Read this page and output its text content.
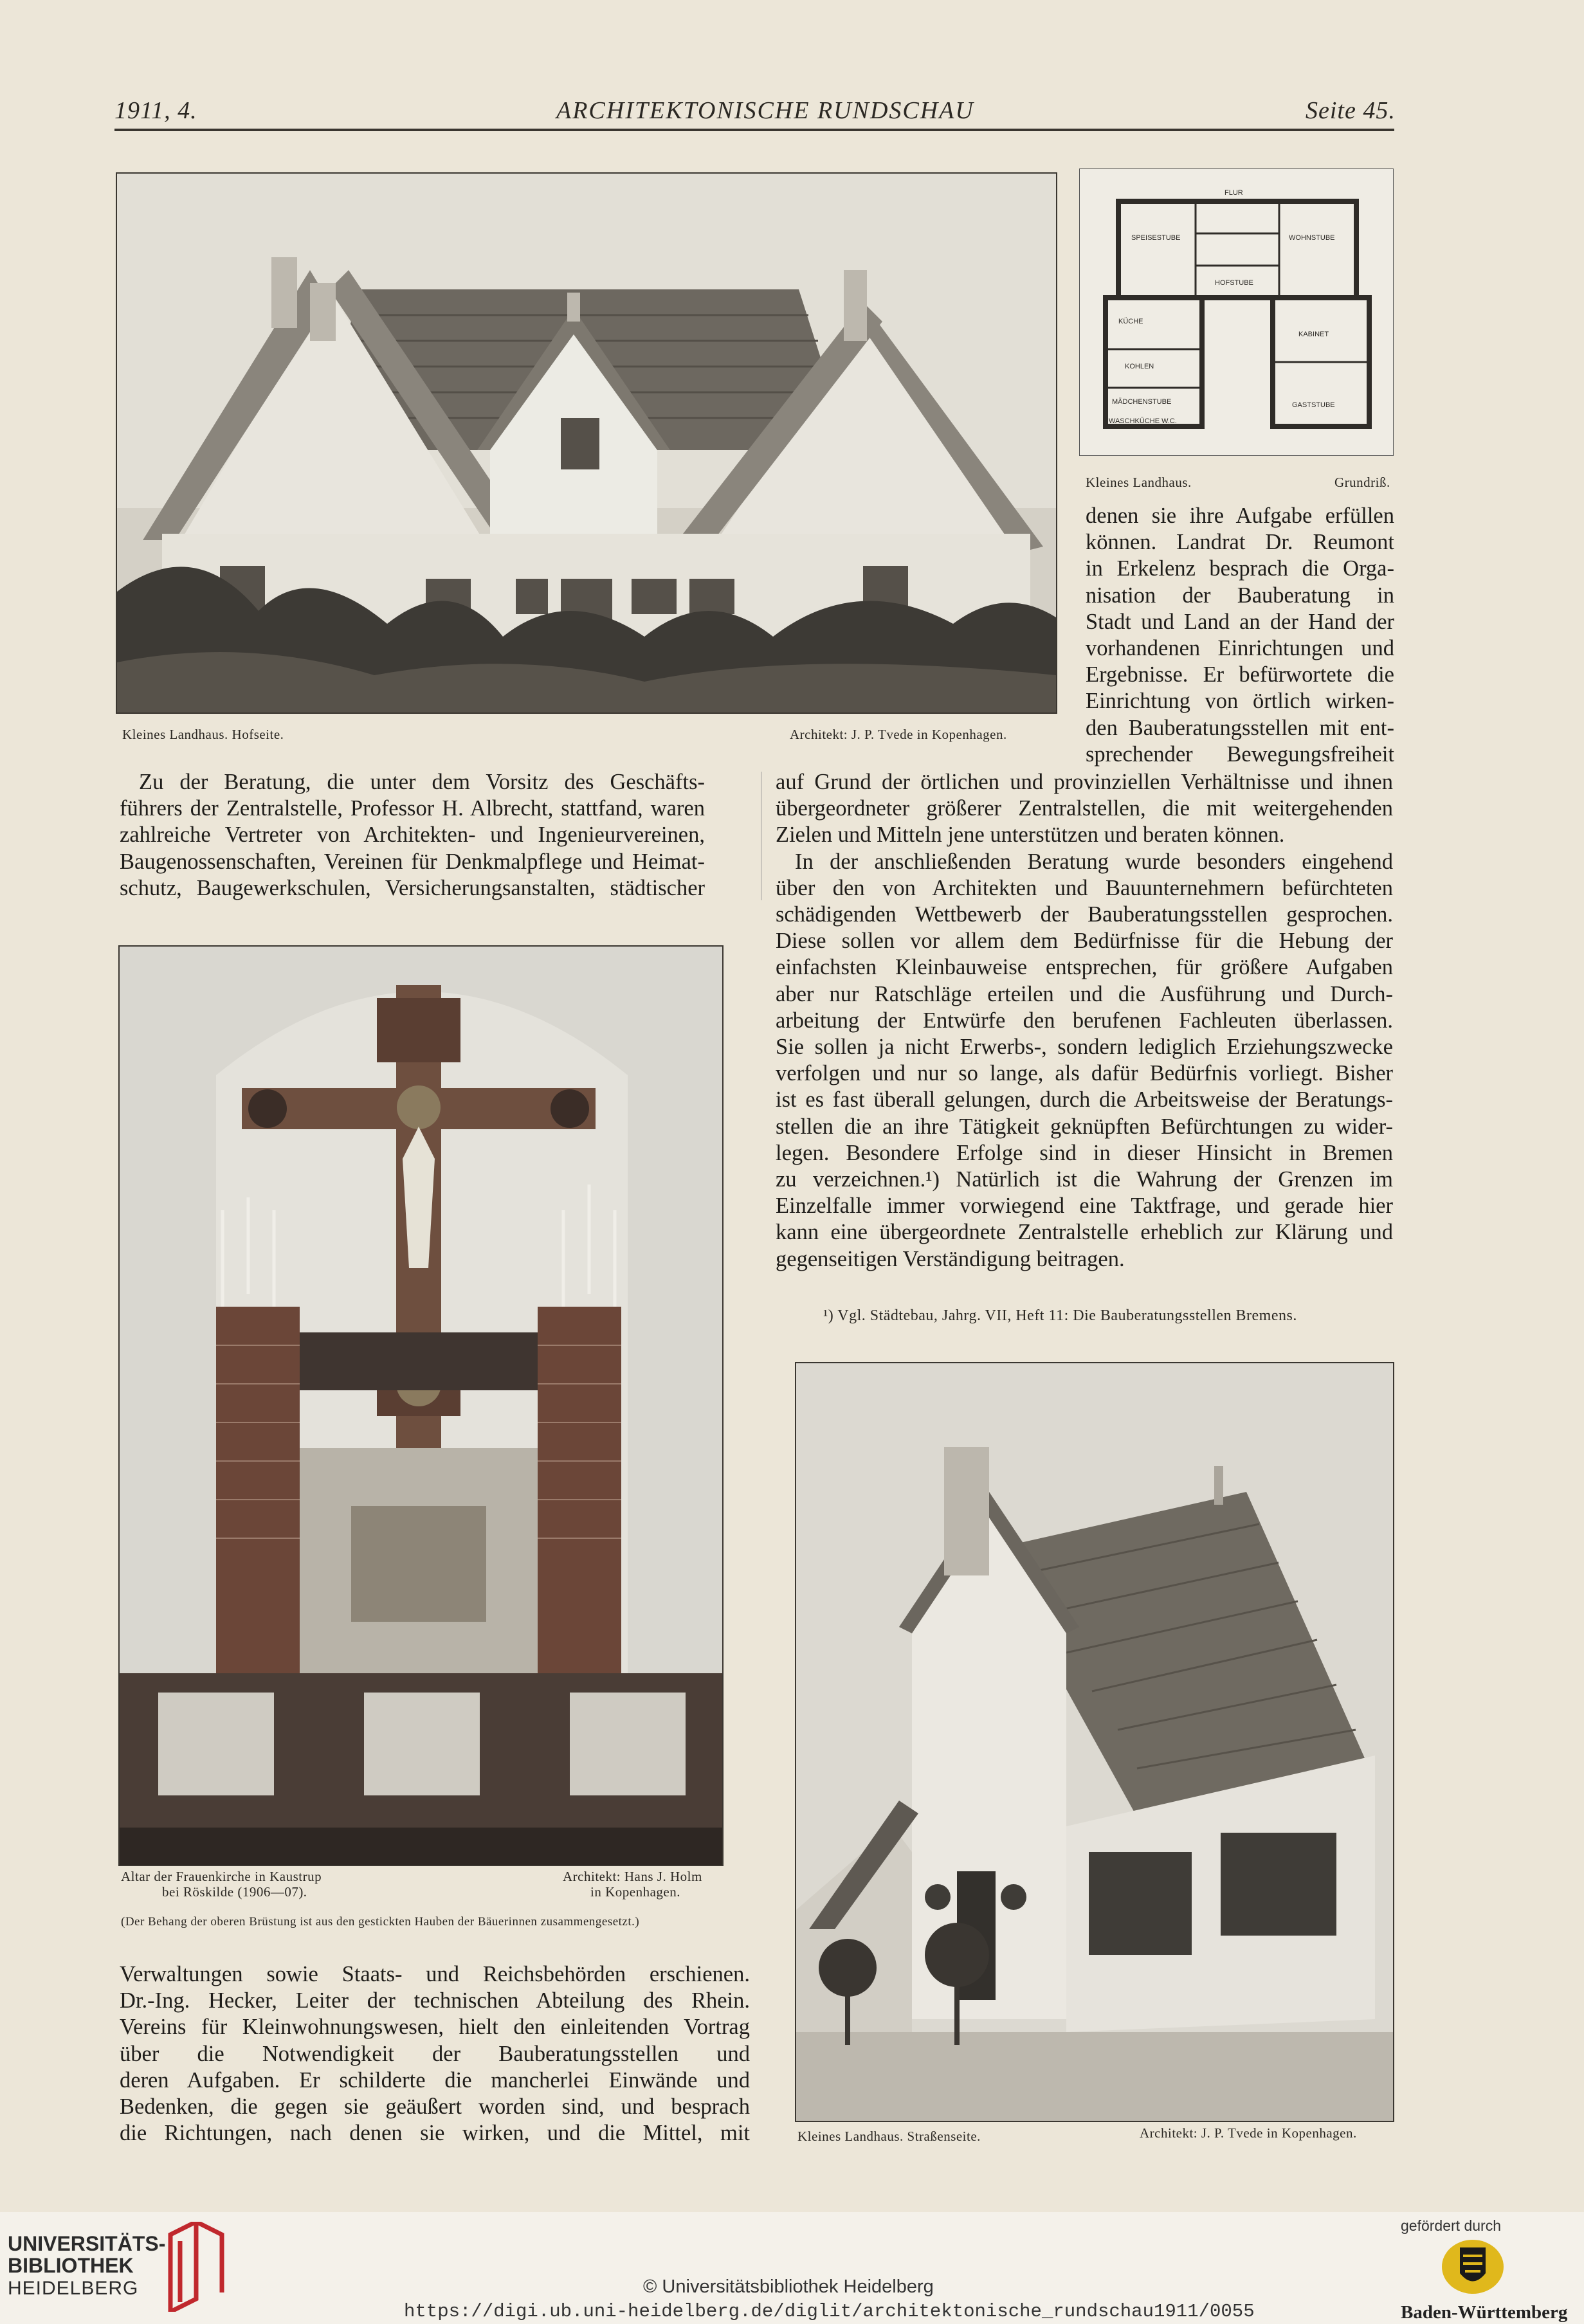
1911, 4.	ARCHITEKTONISCHE RUNDSCHAU	Seite 45.
Kleines Landhaus. Hofseite.	Architekt: J. P. Tvede in Kopenhagen.
FLUR
SPEISESTUBE	WOHNSTUBE
HOFSTUBE
KÜCHE
KOHLEN
MÄDCHENSTUBE
WASCHKÜCHE W.C.
KABINET
GASTSTUBE
Kleines Landhaus.	Grundriß.
denen sie ihre Aufgabe erfüllen
können. Landrat Dr. Reumont
in Erkelenz besprach die Orga-
nisation der Bauberatung in
Stadt und Land an der Hand der
vorhandenen Einrichtungen und
Ergebnisse. Er befürwortete die
Einrichtung von örtlich wirken-
den Bauberatungsstellen mit ent-
sprechender Bewegungsfreiheit
Zu der Beratung, die unter dem Vorsitz des Geschäfts-
führers der Zentralstelle, Professor H. Albrecht, stattfand, waren
zahlreiche Vertreter von Architekten- und Ingenieurvereinen,
Baugenossenschaften, Vereinen für Denkmalpflege und Heimat-
schutz, Baugewerkschulen, Versicherungsanstalten, städtischer
auf Grund der örtlichen und provinziellen Verhältnisse und ihnen
übergeordneter größerer Zentralstellen, die mit weitergehenden
Zielen und Mitteln jene unterstützen und beraten können.
In der anschließenden Beratung wurde besonders eingehend
über den von Architekten und Bauunternehmern befürchteten
schädigenden Wettbewerb der Bauberatungsstellen gesprochen.
Diese sollen vor allem dem Bedürfnisse für die Hebung der
einfachsten Kleinbauweise entsprechen, für größere Aufgaben
aber nur Ratschläge erteilen und die Ausführung und Durch-
arbeitung der Entwürfe den berufenen Fachleuten überlassen.
Sie sollen ja nicht Erwerbs-, sondern lediglich Erziehungszwecke
verfolgen und nur so lange, als dafür Bedürfnis vorliegt. Bisher
ist es fast überall gelungen, durch die Arbeitsweise der Beratungs-
stellen die an ihre Tätigkeit geknüpften Befürchtungen zu wider-
legen. Besondere Erfolge sind in dieser Hinsicht in Bremen
zu verzeichnen.¹) Natürlich ist die Wahrung der Grenzen im
Einzelfalle immer vorwiegend eine Taktfrage, und gerade hier
kann eine übergeordnete Zentralstelle erheblich zur Klärung und
gegenseitigen Verständigung beitragen.
¹) Vgl. Städtebau, Jahrg. VII, Heft 11: Die Bauberatungsstellen Bremens.
Altar der Frauenkirche in Kaustrup
bei Röskilde (1906—07).
Architekt: Hans J. Holm
in Kopenhagen.
(Der Behang der oberen Brüstung ist aus den gestickten Hauben der Bäuerinnen zusammengesetzt.)
Verwaltungen sowie Staats- und Reichsbehörden erschienen.
Dr.-Ing. Hecker, Leiter der technischen Abteilung des Rhein.
Vereins für Kleinwohnungswesen, hielt den einleitenden Vortrag
über die Notwendigkeit der Bauberatungsstellen und
deren Aufgaben. Er schilderte die mancherlei Einwände und
Bedenken, die gegen sie geäußert worden sind, und besprach
die Richtungen, nach denen sie wirken, und die Mittel, mit	Kleines Landhaus. Straßenseite.	Architekt: J. P. Tvede in Kopenhagen.
UNIVERSITÄTS-
BIBLIOTHEK
HEIDELBERG	© Universitätsbibliothek Heidelberg
https://digi.ub.uni-heidelberg.de/diglit/architektonische_rundschau1911/0055
gefördert durch
Baden-Württemberg
